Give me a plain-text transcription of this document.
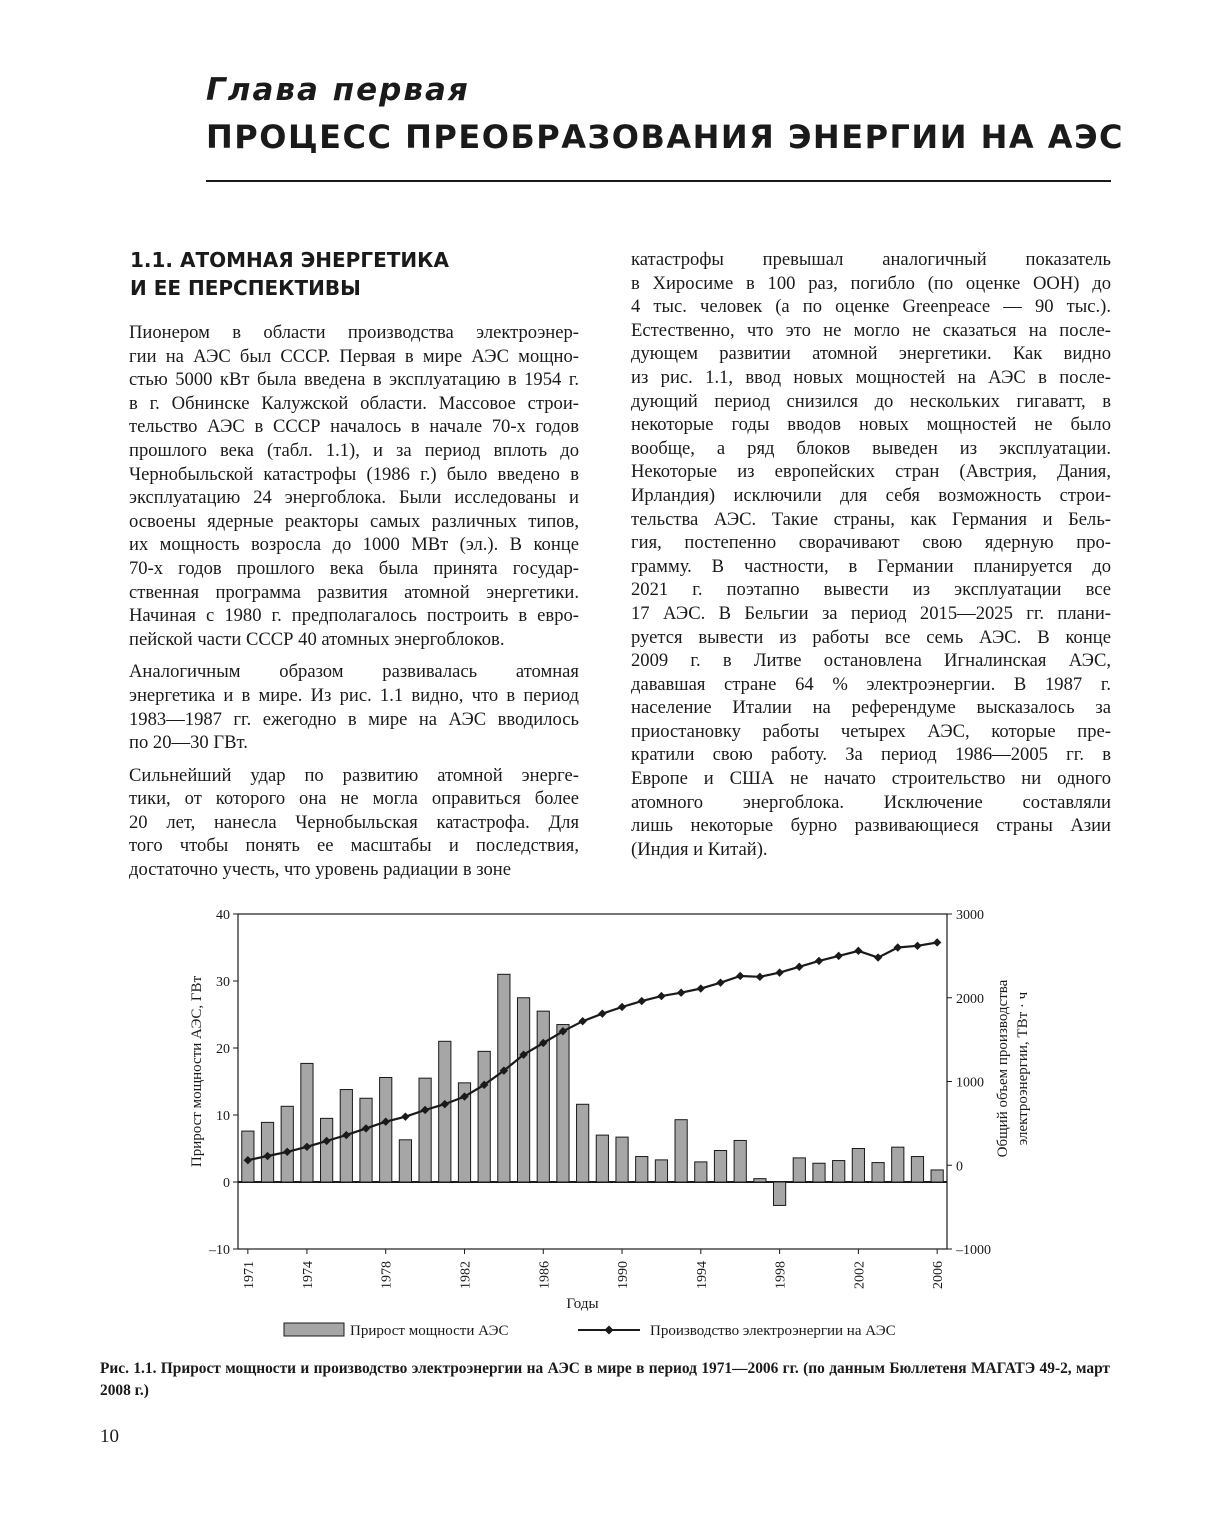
Глава первая
ПРОЦЕСС ПРЕОБРАЗОВАНИЯ ЭНЕРГИИ НА АЭС
1.1. АТОМНАЯ ЭНЕРГЕТИКА
И ЕЕ ПЕРСПЕКТИВЫ

Пионером в области производства электроэнер-
гии на АЭС был СССР. Первая в мире АЭС мощно-
стью 5000 кВт была введена в эксплуатацию в 1954 г.
в г. Обнинске Калужской области. Массовое строи-
тельство АЭС в СССР началось в начале 70-х годов
прошлого века (табл. 1.1), и за период вплоть до
Чернобыльской катастрофы (1986 г.) было введено в
эксплуатацию 24 энергоблока. Были исследованы и
освоены ядерные реакторы самых различных типов,
их мощность возросла до 1000 МВт (эл.). В конце
70-х годов прошлого века была принята государ-
ственная программа развития атомной энергетики.
Начиная с 1980 г. предполагалось построить в евро-
пейской части СССР 40 атомных энергоблоков.

Аналогичным образом развивалась атомная
энергетика и в мире. Из рис. 1.1 видно, что в период
1983—1987 гг. ежегодно в мире на АЭС вводилось
по 20—30 ГВт.

Сильнейший удар по развитию атомной энерге-
тики, от которого она не могла оправиться более
20 лет, нанесла Чернобыльская катастрофа. Для
того чтобы понять ее масштабы и последствия,
достаточно учесть, что уровень радиации в зоне

катастрофы превышал аналогичный показатель
в Хиросиме в 100 раз, погибло (по оценке ООН) до
4 тыс. человек (а по оценке Greenpeace — 90 тыс.).
Естественно, что это не могло не сказаться на после-
дующем развитии атомной энергетики. Как видно
из рис. 1.1, ввод новых мощностей на АЭС в после-
дующий период снизился до нескольких гигаватт, в
некоторые годы вводов новых мощностей не было
вообще, а ряд блоков выведен из эксплуатации.
Некоторые из европейских стран (Австрия, Дания,
Ирландия) исключили для себя возможность строи-
тельства АЭС. Такие страны, как Германия и Бель-
гия, постепенно сворачивают свою ядерную про-
грамму. В частности, в Германии планируется до
2021 г. поэтапно вывести из эксплуатации все
17 АЭС. В Бельгии за период 2015—2025 гг. плани-
руется вывести из работы все семь АЭС. В конце
2009 г. в Литве остановлена Игналинская АЭС,
дававшая стране 64 % электроэнергии. В 1987 г.
население Италии на референдуме высказалось за
приостановку работы четырех АЭС, которые пре-
кратили свою работу. За период 1986—2005 гг. в
Европе и США не начато строительство ни одного
атомного энергоблока. Исключение составляли
лишь некоторые бурно развивающиеся страны Азии
(Индия и Китай).

–10
0
10
20
30
40
–1000
0
1000
2000
3000
1971	1974	1978	1982	1986	1990	1994	1998	2002	2006
Годы
Прирост мощности АЭС, ГВт	Общий объем производства электроэнергии, ТВт · ч
Прирост мощности АЭС	Производство электроэнергии на АЭС

Рис. 1.1. Прирост мощности и производство электроэнергии на АЭС в мире в период 1971—2006 гг. (по данным Бюллетеня МАГАТЭ 49-2, март 2008 г.)

10
